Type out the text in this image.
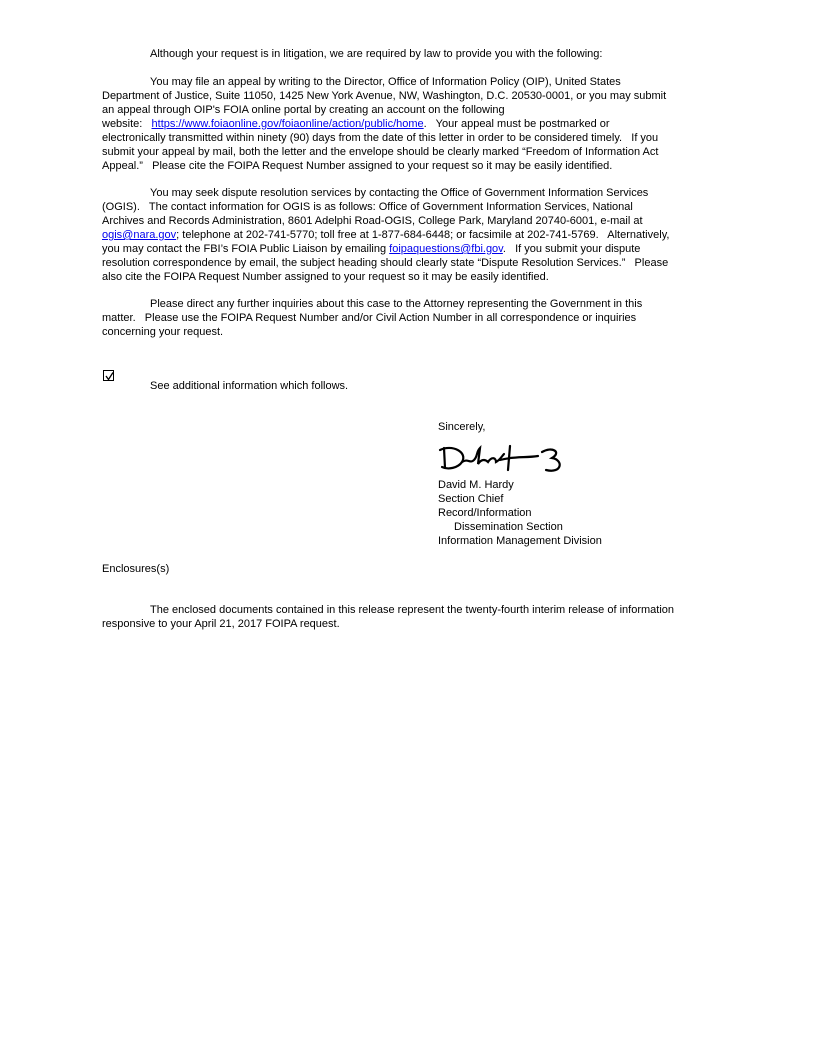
Although your request is in litigation, we are required by law to provide you with the following:
You may file an appeal by writing to the Director, Office of Information Policy (OIP), United States
Department of Justice, Suite 11050, 1425 New York Avenue, NW, Washington, D.C. 20530-0001, or you may submit
an appeal through OIP's FOIA online portal by creating an account on the following
website:   https://www.foiaonline.gov/foiaonline/action/public/home.   Your appeal must be postmarked or
electronically transmitted within ninety (90) days from the date of this letter in order to be considered timely.   If you
submit your appeal by mail, both the letter and the envelope should be clearly marked “Freedom of Information Act
Appeal.”   Please cite the FOIPA Request Number assigned to your request so it may be easily identified.
You may seek dispute resolution services by contacting the Office of Government Information Services
(OGIS).   The contact information for OGIS is as follows: Office of Government Information Services, National
Archives and Records Administration, 8601 Adelphi Road-OGIS, College Park, Maryland 20740-6001, e-mail at
ogis@nara.gov; telephone at 202-741-5770; toll free at 1-877-684-6448; or facsimile at 202-741-5769.   Alternatively,
you may contact the FBI’s FOIA Public Liaison by emailing foipaquestions@fbi.gov.   If you submit your dispute
resolution correspondence by email, the subject heading should clearly state “Dispute Resolution Services.”   Please
also cite the FOIPA Request Number assigned to your request so it may be easily identified.
Please direct any further inquiries about this case to the Attorney representing the Government in this
matter.   Please use the FOIPA Request Number and/or Civil Action Number in all correspondence or inquiries
concerning your request.
See additional information which follows.
Sincerely,
David M. Hardy
Section Chief
Record/Information
Dissemination Section
Information Management Division
Enclosures(s)
The enclosed documents contained in this release represent the twenty-fourth interim release of information
responsive to your April 21, 2017 FOIPA request.
